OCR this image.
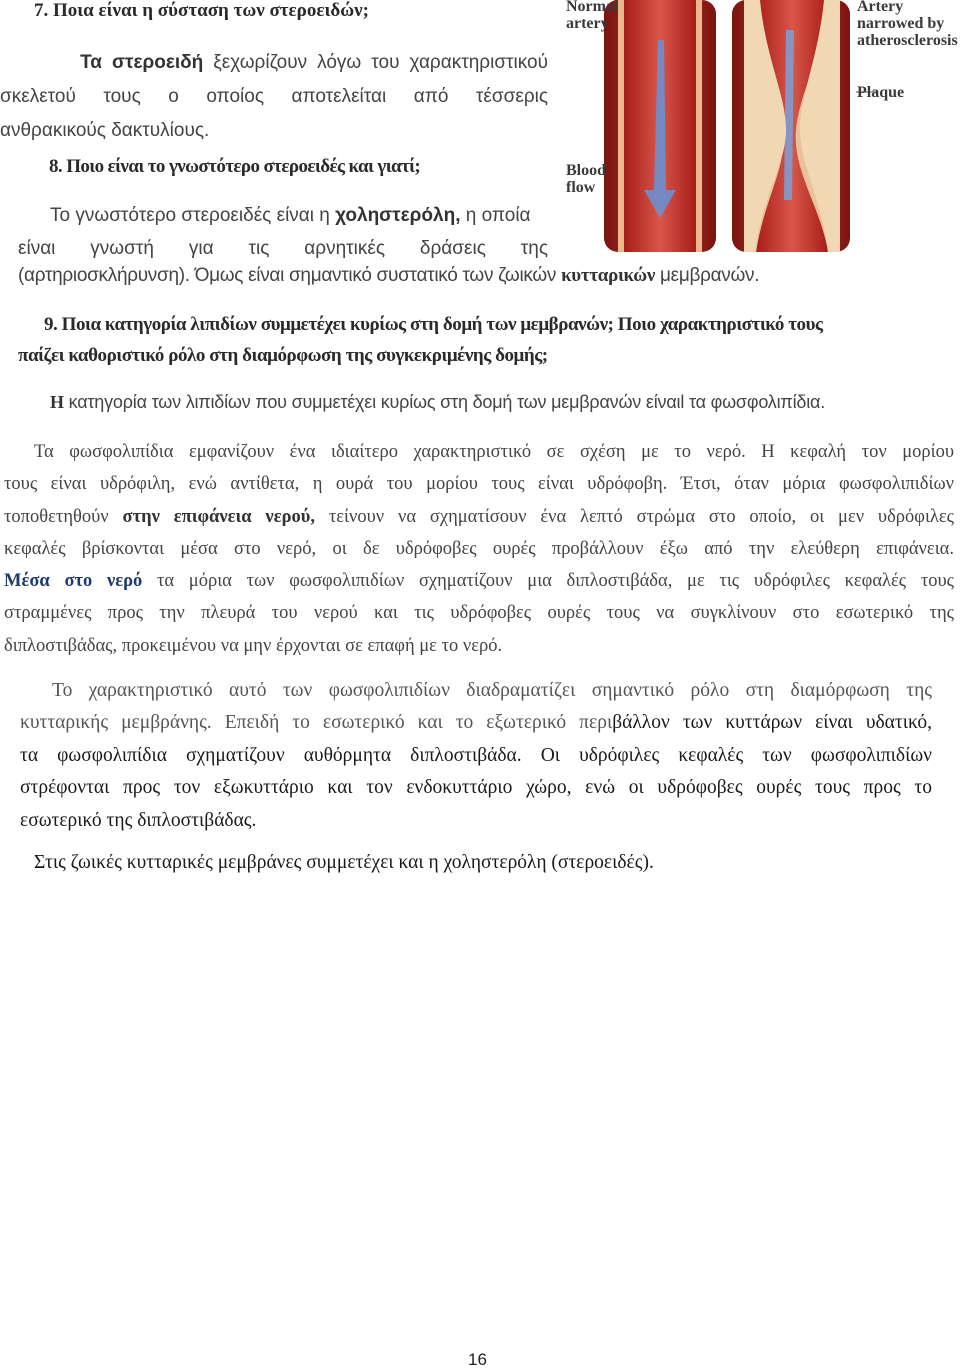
7. Ποια είναι η σύσταση των στεροειδών;

Τα στεροειδή ξεχωρίζουν λόγω του χαρακτηριστικού

σκελετού τους ο οποίος αποτελείται από τέσσερις

ανθρακικούς δακτυλίους.

8. Ποιο είναι το γνωστότερο στεροειδές και γιατί;

Το γνωστότερο στεροειδές είναι η χοληστερόλη, η οποία

είναι γνωστή για τις αρνητικές δράσεις της

(αρτηριοσκλήρυνση). Όμως είναι σημαντικό συστατικό των ζωικών κυτταρικών μεμβρανών.
Normal
artery
Artery
narrowed by
atherosclerosis
Plaque
Blood
flow
9. Ποια κατηγορία λιπιδίων συμμετέχει κυρίως στη δομή των μεμβρανών; Ποιο χαρακτηριστικό τους
παίζει καθοριστικό ρόλο στη διαμόρφωση της συγκεκριμένης δομής;
Η κατηγορία των λιπιδίων που συμμετέχει κυρίως στη δομή των μεμβρανών είναιl τα φωσφολιπίδια.

Τα φωσφολιπίδια εμφανίζουν ένα ιδιαίτερο χαρακτηριστικό σε σχέση με το νερό. Η κεφαλή τον μορίου

τους είναι υδρόφιλη, ενώ αντίθετα, η ουρά του μορίου τους είναι υδρόφοβη. Έτσι, όταν μόρια φωσφολιπιδίων

τοποθετηθούν στην επιφάνεια νερού, τείνουν να σχηματίσουν ένα λεπτό στρώμα στο οποίο, οι μεν υδρόφιλες

κεφαλές βρίσκονται μέσα στο νερό, οι δε υδρόφοβες ουρές προβάλλουν έξω από την ελεύθερη επιφάνεια.

Μέσα στο νερό τα μόρια των φωσφολιπιδίων σχηματίζουν μια διπλοστιβάδα, με τις υδρόφιλες κεφαλές τους

στραμμένες προς την πλευρά του νερού και τις υδρόφοβες ουρές τους να συγκλίνουν στο εσωτερικό της

διπλοστιβάδας, προκειμένου να μην έρχονται σε επαφή με το νερό.

Το χαρακτηριστικό αυτό των φωσφολιπιδίων διαδραματίζει σημαντικό ρόλο στη διαμόρφωση της

κυτταρικής μεμβράνης. Επειδή το εσωτερικό και το εξωτερικό περιβάλλον των κυττάρων είναι υδατικό,

τα φωσφολιπίδια σχηματίζουν αυθόρμητα διπλοστιβάδα. Οι υδρόφιλες κεφαλές των φωσφολιπιδίων

στρέφονται προς τον εξωκυττάριο και τον ενδοκυττάριο χώρο, ενώ οι υδρόφοβες ουρές τους προς το

εσωτερικό της διπλοστιβάδας.

Στις ζωικές κυτταρικές μεμβράνες συμμετέχει και η χοληστερόλη (στεροειδές).
16
